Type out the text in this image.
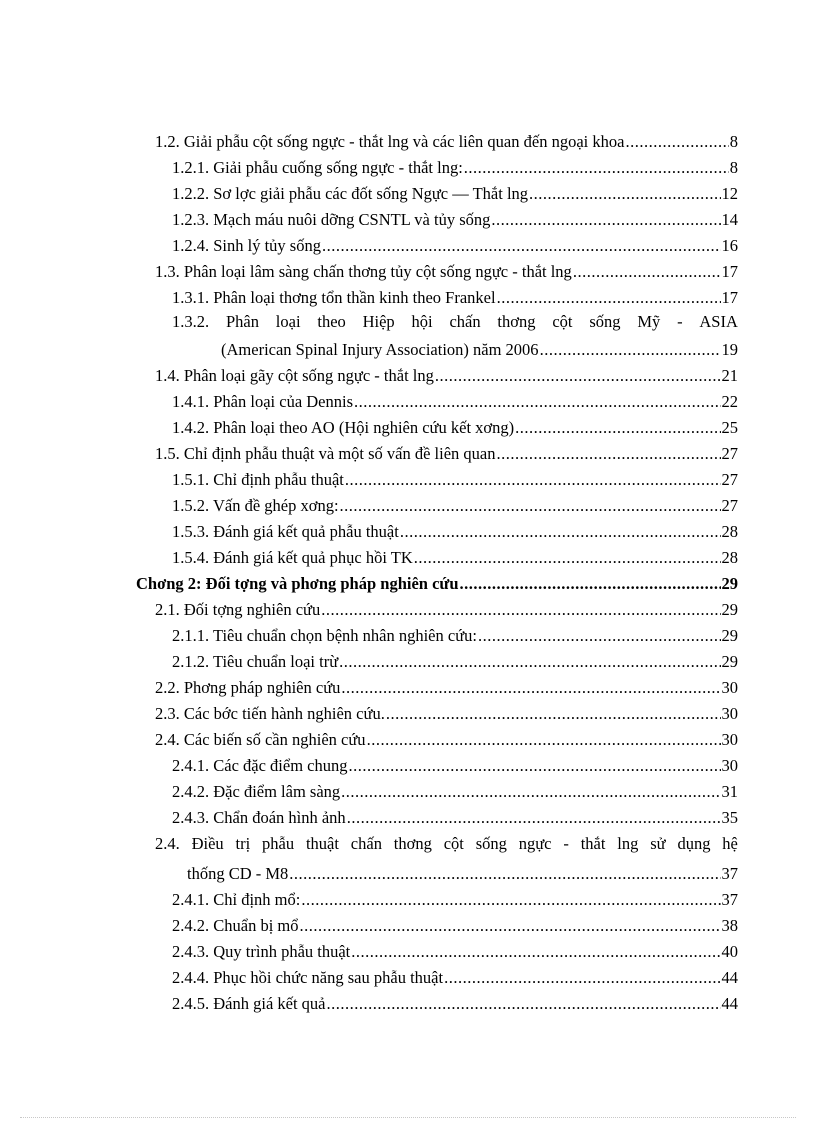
1.2. Giải phẫu cột sống ngực - thắt lng và các liên quan đến ngoại khoa .....	8
1.2.1. Giải phẫu cuống sống ngực - thắt lng: .....	8
1.2.2. Sơ lợc giải phẫu các đốt sống Ngực — Thắt lng .....	12
1.2.3. Mạch máu nuôi dỡng CSNTL và tủy sống .....	14
1.2.4. Sinh lý tủy sống .....	16
1.3. Phân loại lâm sàng chấn thơng tủy cột sống ngực - thắt lng .....	17
1.3.1. Phân loại thơng tổn thần kinh theo Frankel .....	17
1.3.2. Phân loại theo Hiệp hội chấn thơng cột sống Mỹ - ASIA
(American Spinal Injury Association) năm 2006 .....	19
1.4. Phân loại gãy cột sống ngực - thắt lng .....	21
1.4.1. Phân loại của Dennis .....	22
1.4.2. Phân loại theo AO (Hội nghiên cứu kết xơng) .....	25
1.5. Chỉ định phẫu thuật và một số vấn đề liên quan .....	27
1.5.1. Chỉ định phẫu thuật .....	27
1.5.2. Vấn đề ghép xơng: .....	27
1.5.3. Đánh giá kết quả phẫu thuật .....	28
1.5.4. Đánh giá kết quả phục hồi TK .....	28
Chơng 2: Đối tợng và phơng pháp nghiên cứu .....	29
2.1. Đối tợng nghiên cứu .....	29
2.1.1. Tiêu chuẩn chọn bệnh nhân nghiên cứu: .....	29
2.1.2. Tiêu chuẩn loại trừ .....	29
2.2. Phơng pháp nghiên cứu .....	30
2.3. Các bớc tiến hành nghiên cứu. .....	30
2.4. Các biến số cần nghiên cứu .....	30
2.4.1. Các đặc điểm chung .....	30
2.4.2. Đặc điểm lâm sàng .....	31
2.4.3. Chẩn đoán hình ảnh .....	35
2.4. Điều trị phẫu thuật chấn thơng cột sống ngực - thắt lng sử dụng hệ
thống CD - M8 .....	37
2.4.1. Chỉ định mổ: .....	37
2.4.2. Chuẩn bị mổ .....	38
2.4.3. Quy trình phẫu thuật .....	40
2.4.4. Phục hồi chức năng sau phẫu thuật .....	44
2.4.5. Đánh giá kết quả .....	44
